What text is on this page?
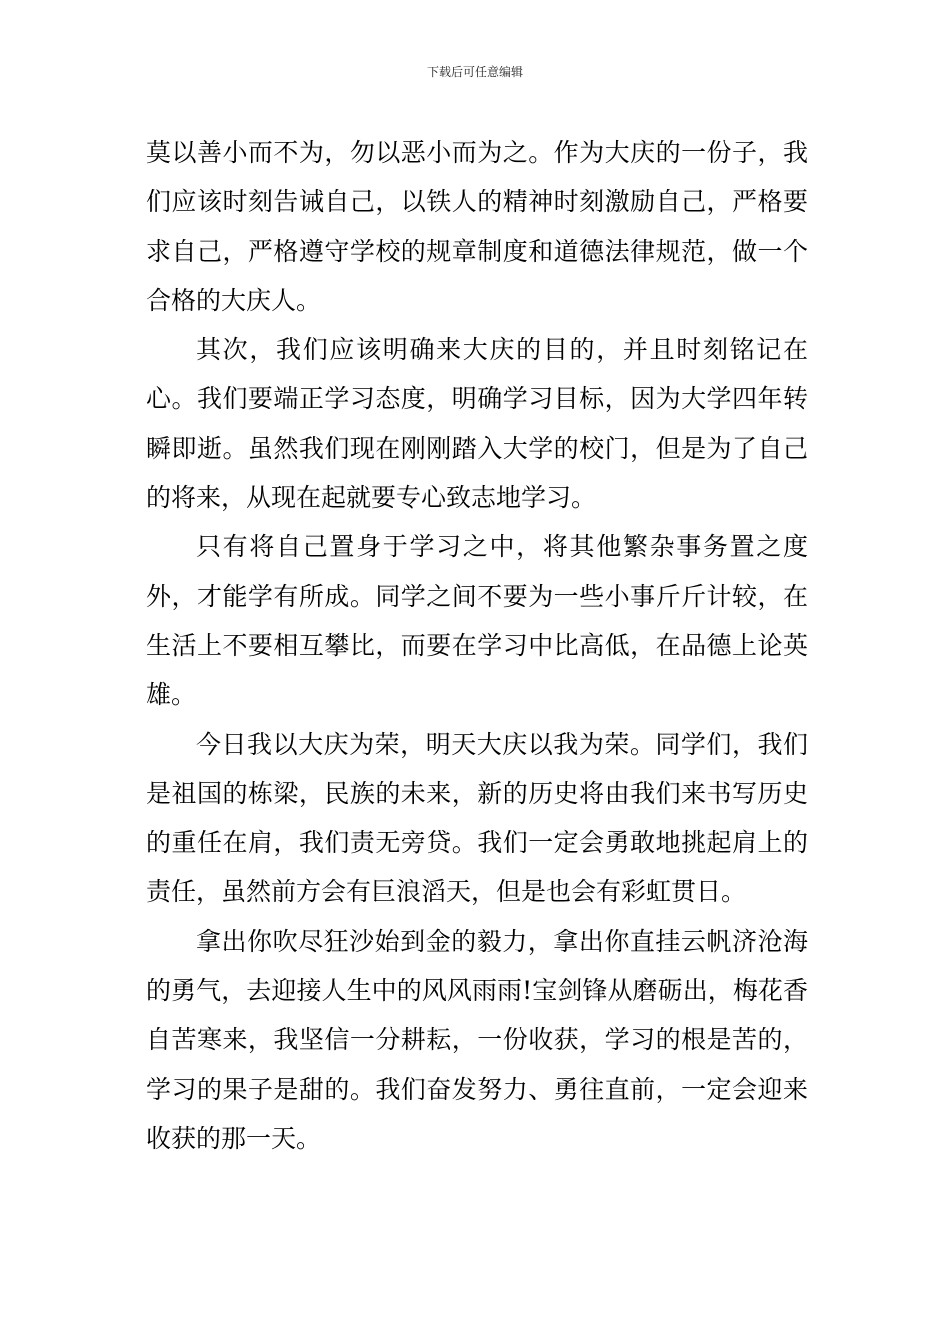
下载后可任意编辑

莫以善小而不为，勿以恶小而为之。作为大庆的一份子，我们应该时刻告诫自己，以铁人的精神时刻激励自己，严格要求自己，严格遵守学校的规章制度和道德法律规范，做一个合格的大庆人。

其次，我们应该明确来大庆的目的，并且时刻铭记在心。我们要端正学习态度，明确学习目标，因为大学四年转瞬即逝。虽然我们现在刚刚踏入大学的校门，但是为了自己的将来，从现在起就要专心致志地学习。

只有将自己置身于学习之中，将其他繁杂事务置之度外，才能学有所成。同学之间不要为一些小事斤斤计较，在生活上不要相互攀比，而要在学习中比高低，在品德上论英雄。

今日我以大庆为荣，明天大庆以我为荣。同学们，我们是祖国的栋梁，民族的未来，新的历史将由我们来书写历史的重任在肩，我们责无旁贷。我们一定会勇敢地挑起肩上的责任，虽然前方会有巨浪滔天，但是也会有彩虹贯日。

拿出你吹尽狂沙始到金的毅力，拿出你直挂云帆济沧海的勇气，去迎接人生中的风风雨雨!宝剑锋从磨砺出，梅花香自苦寒来，我坚信一分耕耘，一份收获，学习的根是苦的，学习的果子是甜的。我们奋发努力、勇往直前，一定会迎来收获的那一天。
